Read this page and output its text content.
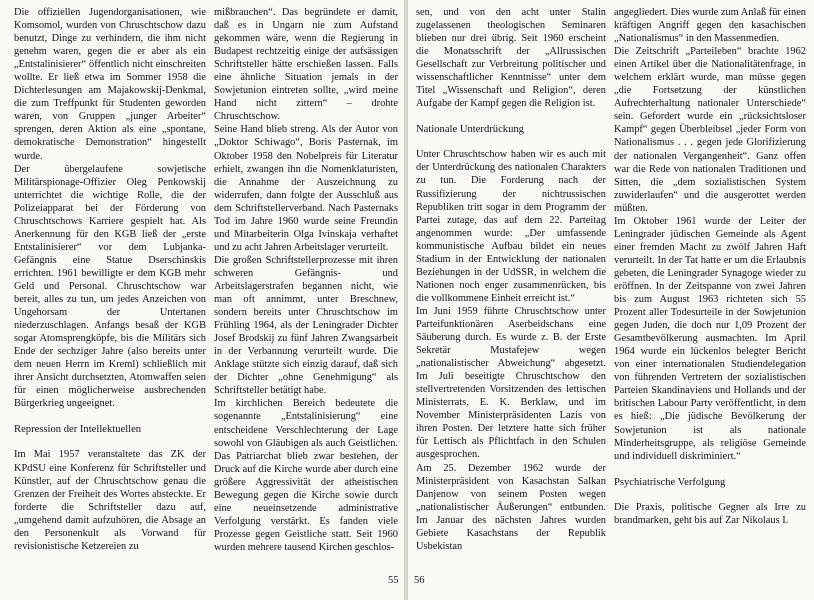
Die offiziellen Jugendorganisationen, wie Komsomol, wurden von Chruschtschow dazu benutzt, Dinge zu verhindern, die ihm nicht genehm waren, gegen die er aber als ein „Entstalinisierer“ öffentlich nicht einschreiten wollte. Er ließ etwa im Sommer 1958 die Dichterlesungen am Majakowskij-Denkmal, die zum Treffpunkt für Studenten geworden waren, von Gruppen „junger Arbeiter“ sprengen, deren Aktion als eine „spontane, demokratische Demonstration“ hingestellt wurde.

Der übergelaufene sowjetische Militärspionage-Offizier Oleg Penkowskij unterrichtet die wichtige Rolle, die der Polizeiapparat bei der Förderung von Chruschtschows Karriere gespielt hat. Als Anerkennung für den KGB ließ der „erste Entstalinisierer“ vor dem Lubjanka-Gefängnis eine Statue Dserschinskis errichten. 1961 bewilligte er dem KGB mehr Geld und Personal. Chruschtschow war bereit, alles zu tun, um jedes Anzeichen von Ungehorsam der Untertanen niederzuschlagen. Anfangs besaß der KGB sogar Atomsprengköpfe, bis die Militärs sich Ende der sechziger Jahre (also bereits unter dem neuen Herrn im Kreml) schließlich mit ihrer Ansicht durchsetzten, Atomwaffen seien für einen möglicherweise ausbrechenden Bürgerkrieg ungeeignet.

Repression der Intellektuellen

Im Mai 1957 veranstaltete das ZK der KPdSU eine Konferenz für Schriftsteller und Künstler, auf der Chruschtschow genau die Grenzen der Freiheit des Wortes absteckte. Er forderte die Schriftsteller dazu auf, „umgehend damit aufzuhören, die Absage an den Personenkult als Vorwand für revisionistische Ketzereien zu

mißbrauchen“. Das begründete er damit, daß es in Ungarn nie zum Aufstand gekommen wäre, wenn die Regierung in Budapest rechtzeitig einige der aufsässigen Schriftsteller hätte erschießen lassen. Falls eine ähnliche Situation jemals in der Sowjetunion eintreten sollte, „wird meine Hand nicht zittern“ – drohte Chruschtschow.

Seine Hand blieb streng. Als der Autor von „Doktor Schiwago“, Boris Pasternak, im Oktober 1958 den Nobelpreis für Literatur erhielt, zwangen ihn die Nomenklaturisten, die Annahme der Auszeichnung zu widerrufen, dann folgte der Ausschluß aus dem Schriftstellerverband. Nach Pasternaks Tod im Jahre 1960 wurde seine Freundin und Mitarbeiterin Olga Ivinskaja verhaftet und zu acht Jahren Arbeitslager verurteilt.

Die großen Schriftstellerprozesse mit ihren schweren Gefängnis- und Arbeitslagerstrafen begannen nicht, wie man oft annimmt, unter Breschnew, sondern bereits unter Chruschtschow im Frühling 1964, als der Leningrader Dichter Josef Brodskij zu fünf Jahren Zwangsarbeit in der Verbannung verurteilt wurde. Die Anklage stützte sich einzig darauf, daß sich der Dichter „ohne Genehmigung“ als Schriftsteller betätigt habe.

Im kirchlichen Bereich bedeutete die sogenannte „Entstalinisierung“ eine entscheidene Verschlechterung der Lage sowohl von Gläubigen als auch Geistlichen. Das Patriarchat blieb zwar bestehen, der Druck auf die Kirche wurde aber durch eine größere Aggressivität der atheistischen Bewegung gegen die Kirche sowie durch eine neueinsetzende administrative Verfolgung verstärkt. Es fanden viele Prozesse gegen Geistliche statt. Seit 1960 wurden mehrere tausend Kirchen geschlos-

55

sen, und von den acht unter Stalin zugelassenen theologischen Seminaren blieben nur drei übrig. Seit 1960 erscheint die Monatsschrift der „Allrussischen Gesellschaft zur Verbreitung politischer und wissenschaftlicher Kenntnisse“ unter dem Titel „Wissenschaft und Religion“, deren Aufgabe der Kampf gegen die Religion ist.

Nationale Unterdrückung

Unter Chruschtschow haben wir es auch mit der Unterdrückung des nationalen Charakters zu tun. Die Forderung nach der Russifizierung der nichtrussischen Republiken tritt sogar in dem Programm der Partei zutage, das auf dem 22. Parteitag angenommen wurde: „Der umfassende kommunistische Aufbau bildet ein neues Stadium in der Entwicklung der nationalen Beziehungen in der UdSSR, in welchem die Nationen noch enger zusammenrücken, bis die vollkommene Einheit erreicht ist.“

Im Juni 1959 führte Chruschtschow unter Parteifunktionären Aserbeidschans eine Säuberung durch. Es wurde z. B. der Erste Sekretär Mustafejew wegen „nationalistischer Abweichung“ abgesetzt. Im Juli beseitigte Chruschtschow den stellvertretenden Vorsitzenden des lettischen Ministerrats, E. K. Berklaw, und im November Ministerpräsidenten Lazis von ihren Posten. Der letztere hatte sich früher für Lettisch als Pflichtfach in den Schulen ausgesprochen.

Am 25. Dezember 1962 wurde der Ministerpräsident von Kasachstan Salkan Danjenow von seinem Posten wegen „nationalistischer Äußerungen“ entbunden. Im Januar des nächsten Jahres wurden Gebiete Kasachstans der Republik Usbekistan

angegliedert. Dies wurde zum Anlaß für einen kräftigen Angriff gegen den kasachischen „Nationalismus“ in den Massenmedien.

Die Zeitschrift „Parteileben“ brachte 1962 einen Artikel über die Nationalitätenfrage, in welchem erklärt wurde, man müsse gegen „die Fortsetzung der künstlichen Aufrechterhaltung nationaler Unterschiede“ sein. Gefordert wurde ein „rücksichtsloser Kampf“ gegen Überbleibsel „jeder Form von Nationalismus . . . gegen jede Glorifizierung der nationalen Vergangenheit“. Ganz offen war die Rede von nationalen Traditionen und Sitten, die „dem sozialistischen System zuwiderlaufen“ und die ausgerottet werden müßten.

Im Oktober 1961 wurde der Leiter der Leningrader jüdischen Gemeinde als Agent einer fremden Macht zu zwölf Jahren Haft verurteilt. In der Tat hatte er um die Erlaubnis gebeten, die Leningrader Synagoge wieder zu eröffnen. In der Zeitspanne von zwei Jahren bis zum August 1963 richteten sich 55 Prozent aller Todesurteile in der Sowjetunion gegen Juden, die doch nur 1,09 Prozent der Gesamtbevölkerung ausmachten. Im April 1964 wurde ein lückenlos belegter Bericht von einer internationalen Studiendelegation von führenden Vertretern der sozialistischen Parteien Skandinaviens und Hollands und der britischen Labour Party veröffentlicht, in dem es hieß: „Die jüdische Bevölkerung der Sowjetunion ist als nationale Minderheitsgruppe, als religiöse Gemeinde und individuell diskriminiert.“

Psychiatrische Verfolgung

Die Praxis, politische Gegner als Irre zu brandmarken, geht bis auf Zar Nikolaus I.

56
